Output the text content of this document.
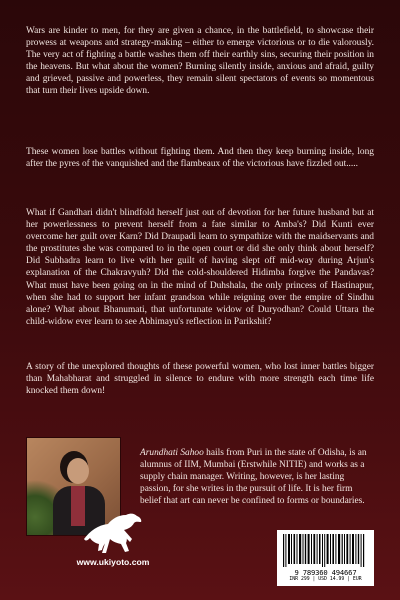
Wars are kinder to men, for they are given a chance, in the battlefield, to showcase their prowess at weapons and strategy-making – either to emerge victorious or to die valorously. The very act of fighting a battle washes them off their earthly sins, securing their position in the heavens. But what about the women? Burning silently inside, anxious and afraid, guilty and grieved, passive and powerless, they remain silent spectators of events so momentous that turn their lives upside down.

These women lose battles without fighting them. And then they keep burning inside, long after the pyres of the vanquished and the flambeaux of the victorious have fizzled out.....

What if Gandhari didn't blindfold herself just out of devotion for her future husband but at her powerlessness to prevent herself from a fate similar to Amba's? Did Kunti ever overcome her guilt over Karn? Did Draupadi learn to sympathize with the maidservants and the prostitutes she was compared to in the open court or did she only think about herself? Did Subhadra learn to live with her guilt of having slept off mid-way during Arjun's explanation of the Chakravyuh? Did the cold-shouldered Hidimba forgive the Pandavas? What must have been going on in the mind of Duhshala, the only princess of Hastinapur, when she had to support her infant grandson while reigning over the empire of Sindhu alone? What about Bhanumati, that unfortunate widow of Duryodhan? Could Uttara the child-widow ever learn to see Abhimayu's reflection in Parikshit?

A story of the unexplored thoughts of these powerful women, who lost inner battles bigger than Mahabharat and struggled in silence to endure with more strength each time life knocked them down!

Arundhati Sahoo hails from Puri in the state of Odisha, is an alumnus of IIM, Mumbai (Erstwhile NITIE) and works as a supply chain manager. Writing, however, is her lasting passion, for she writes in the pursuit of life. It is her firm belief that art can never be confined to forms or boundaries.

www.ukiyoto.com
9 789360 494667
INR 299 | USD 14.99 | EUR
